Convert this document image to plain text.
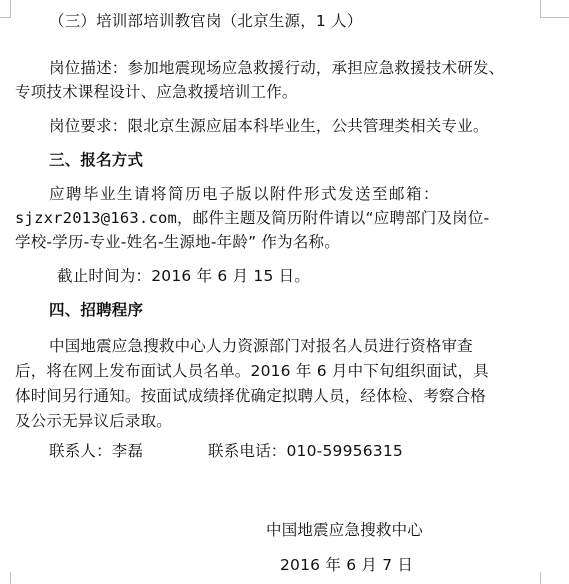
（三）培训部培训教官岗（北京生源，1 人）
岗位描述：参加地震现场应急救援行动，承担应急救援技术研发、
专项技术课程设计、应急救援培训工作。
岗位要求：限北京生源应届本科毕业生，公共管理类相关专业。
三、报名方式
应聘毕业生请将简历电子版以附件形式发送至邮箱：
sjzxr2013@163.com，邮件主题及简历附件请以“应聘部门及岗位-
学校-学历-专业-姓名-生源地-年龄” 作为名称。
截止时间为：2016 年 6 月 15 日。
四、招聘程序
中国地震应急搜救中心人力资源部门对报名人员进行资格审查
后，将在网上发布面试人员名单。2016 年 6 月中下旬组织面试，具
体时间另行通知。按面试成绩择优确定拟聘人员，经体检、考察合格
及公示无异议后录取。
联系人：李磊	联系电话：010-59956315
中国地震应急搜救中心
2016 年 6 月 7 日
